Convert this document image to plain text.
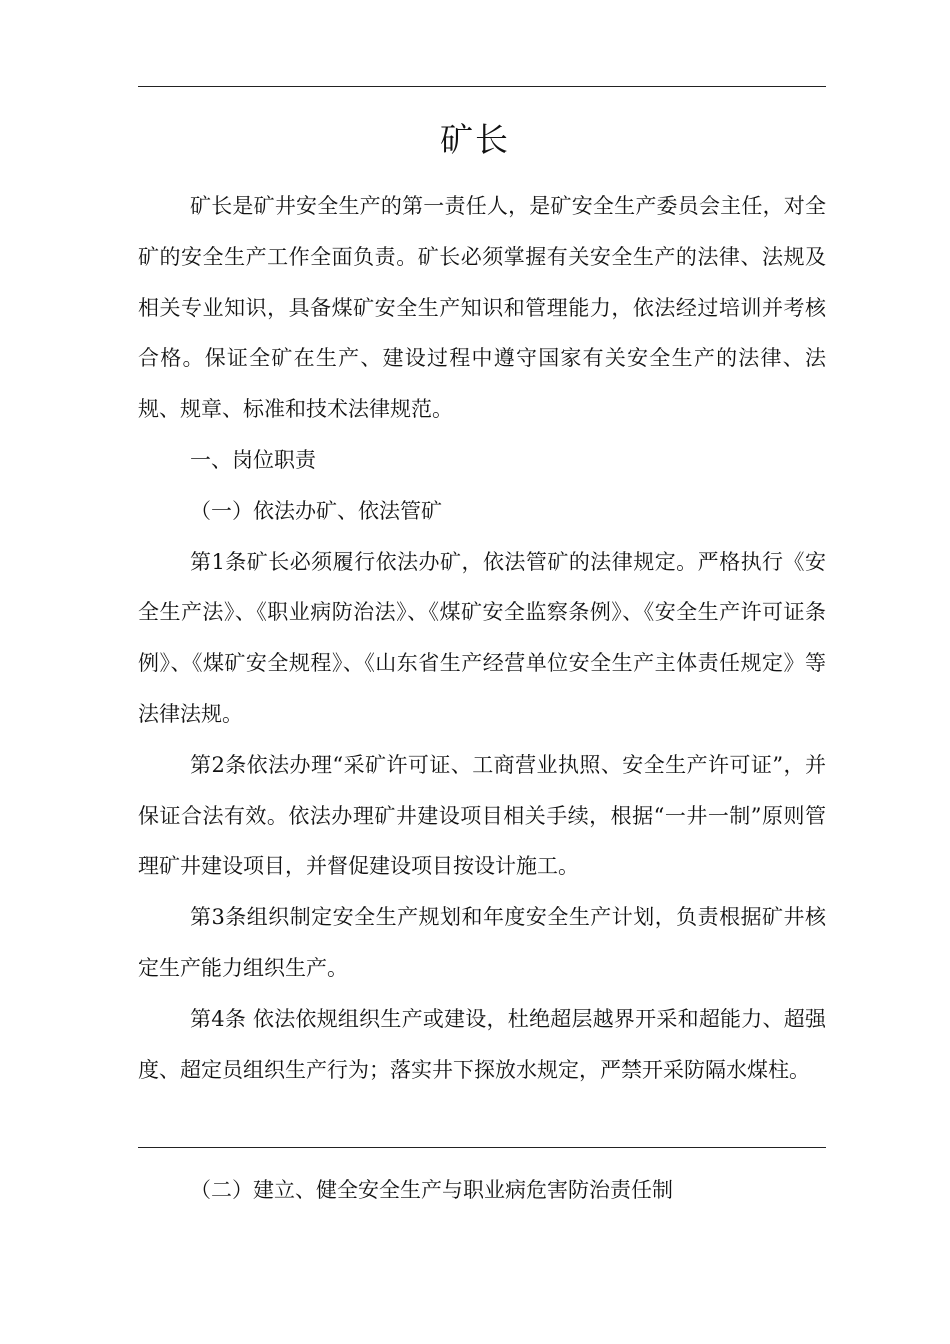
矿长

矿长是矿井安全生产的第一责任人，是矿安全生产委员会主任，对全矿的安全生产工作全面负责。矿长必须掌握有关安全生产的法律、法规及相关专业知识，具备煤矿安全生产知识和管理能力，依法经过培训并考核合格。保证全矿在生产、建设过程中遵守国家有关安全生产的法律、法规、规章、标准和技术法律规范。

一、岗位职责

（一）依法办矿、依法管矿

第1条矿长必须履行依法办矿，依法管矿的法律规定。严格执行《安全生产法》、《职业病防治法》、《煤矿安全监察条例》、《安全生产许可证条例》、《煤矿安全规程》、《山东省生产经营单位安全生产主体责任规定》等法律法规。

第2条依法办理“采矿许可证、工商营业执照、安全生产许可证”，并保证合法有效。依法办理矿井建设项目相关手续，根据“一井一制”原则管理矿井建设项目，并督促建设项目按设计施工。

第3条组织制定安全生产规划和年度安全生产计划，负责根据矿井核定生产能力组织生产。

第4条 依法依规组织生产或建设，杜绝超层越界开采和超能力、超强度、超定员组织生产行为；落实井下探放水规定，严禁开采防隔水煤柱。

（二）建立、健全安全生产与职业病危害防治责任制
